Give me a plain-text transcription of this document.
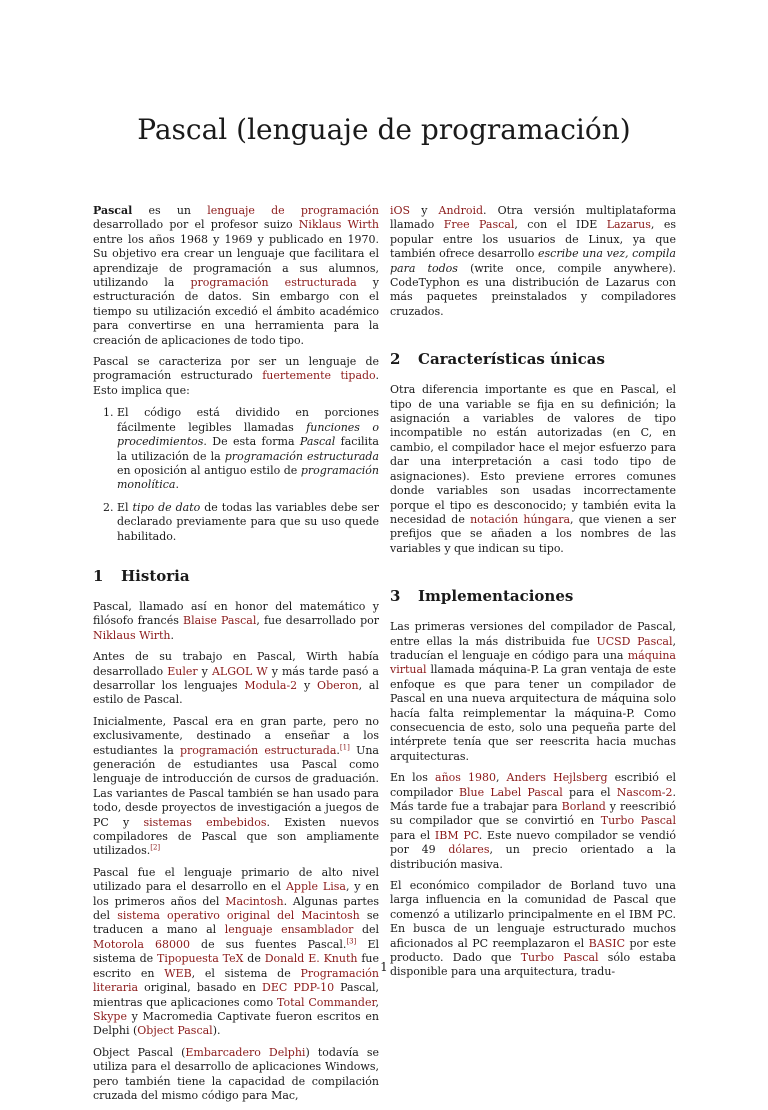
Pascal (lenguaje de programación)

Pascal es un lenguaje de programación desarrollado por el profesor suizo Niklaus Wirth entre los años 1968 y 1969 y publicado en 1970. Su objetivo era crear un lenguaje que facilitara el aprendizaje de programación a sus alumnos, utilizando la programación estructurada y estructuración de datos. Sin embargo con el tiempo su utilización excedió el ámbito académico para convertirse en una herramienta para la creación de aplicaciones de todo tipo.

Pascal se caracteriza por ser un lenguaje de programación estructurado fuertemente tipado. Esto implica que:

1. El código está dividido en porciones fácilmente legibles llamadas funciones o procedimientos. De esta forma Pascal facilita la utilización de la programación estructurada en oposición al antiguo estilo de programación monolítica.
2. El tipo de dato de todas las variables debe ser declarado previamente para que su uso quede habilitado.
1 Historia

Pascal, llamado así en honor del matemático y filósofo francés Blaise Pascal, fue desarrollado por Niklaus Wirth.

Antes de su trabajo en Pascal, Wirth había desarrollado Euler y ALGOL W y más tarde pasó a desarrollar los lenguajes Modula-2 y Oberon, al estilo de Pascal.

Inicialmente, Pascal era en gran parte, pero no exclusivamente, destinado a enseñar a los estudiantes la programación estructurada.[1] Una generación de estudiantes usa Pascal como lenguaje de introducción de cursos de graduación. Las variantes de Pascal también se han usado para todo, desde proyectos de investigación a juegos de PC y sistemas embebidos. Existen nuevos compiladores de Pascal que son ampliamente utilizados.[2]

Pascal fue el lenguaje primario de alto nivel utilizado para el desarrollo en el Apple Lisa, y en los primeros años del Macintosh. Algunas partes del sistema operativo original del Macintosh se traducen a mano al lenguaje ensamblador del Motorola 68000 de sus fuentes Pascal.[3] El sistema de Tipopuesta TeX de Donald E. Knuth fue escrito en WEB, el sistema de Programación literaria original, basado en DEC PDP-10 Pascal, mientras que aplicaciones como Total Commander, Skype y Macromedia Captivate fueron escritos en Delphi (Object Pascal).

Object Pascal (Embarcadero Delphi) todavía se utiliza para el desarrollo de aplicaciones Windows, pero también tiene la capacidad de compilación cruzada del mismo código para Mac,

iOS y Android. Otra versión multiplataforma llamado Free Pascal, con el IDE Lazarus, es popular entre los usuarios de Linux, ya que también ofrece desarrollo escribe una vez, compila para todos (write once, compile anywhere). CodeTyphon es una distribución de Lazarus con más paquetes preinstalados y compiladores cruzados.

2 Características únicas

Otra diferencia importante es que en Pascal, el tipo de una variable se fija en su definición; la asignación a variables de valores de tipo incompatible no están autorizadas (en C, en cambio, el compilador hace el mejor esfuerzo para dar una interpretación a casi todo tipo de asignaciones). Esto previene errores comunes donde variables son usadas incorrectamente porque el tipo es desconocido; y también evita la necesidad de notación húngara, que vienen a ser prefijos que se añaden a los nombres de las variables y que indican su tipo.

3 Implementaciones

Las primeras versiones del compilador de Pascal, entre ellas la más distribuida fue UCSD Pascal, traducían el lenguaje en código para una máquina virtual llamada máquina-P. La gran ventaja de este enfoque es que para tener un compilador de Pascal en una nueva arquitectura de máquina solo hacía falta reimplementar la máquina-P. Como consecuencia de esto, solo una pequeña parte del intérprete tenía que ser reescrita hacia muchas arquitecturas.

En los años 1980, Anders Hejlsberg escribió el compilador Blue Label Pascal para el Nascom-2. Más tarde fue a trabajar para Borland y reescribió su compilador que se convirtió en Turbo Pascal para el IBM PC. Este nuevo compilador se vendió por 49 dólares, un precio orientado a la distribución masiva.

El económico compilador de Borland tuvo una larga influencia en la comunidad de Pascal que comenzó a utilizarlo principalmente en el IBM PC. En busca de un lenguaje estructurado muchos aficionados al PC reemplazaron el BASIC por este producto. Dado que Turbo Pascal sólo estaba disponible para una arquitectura, tradu-

1
